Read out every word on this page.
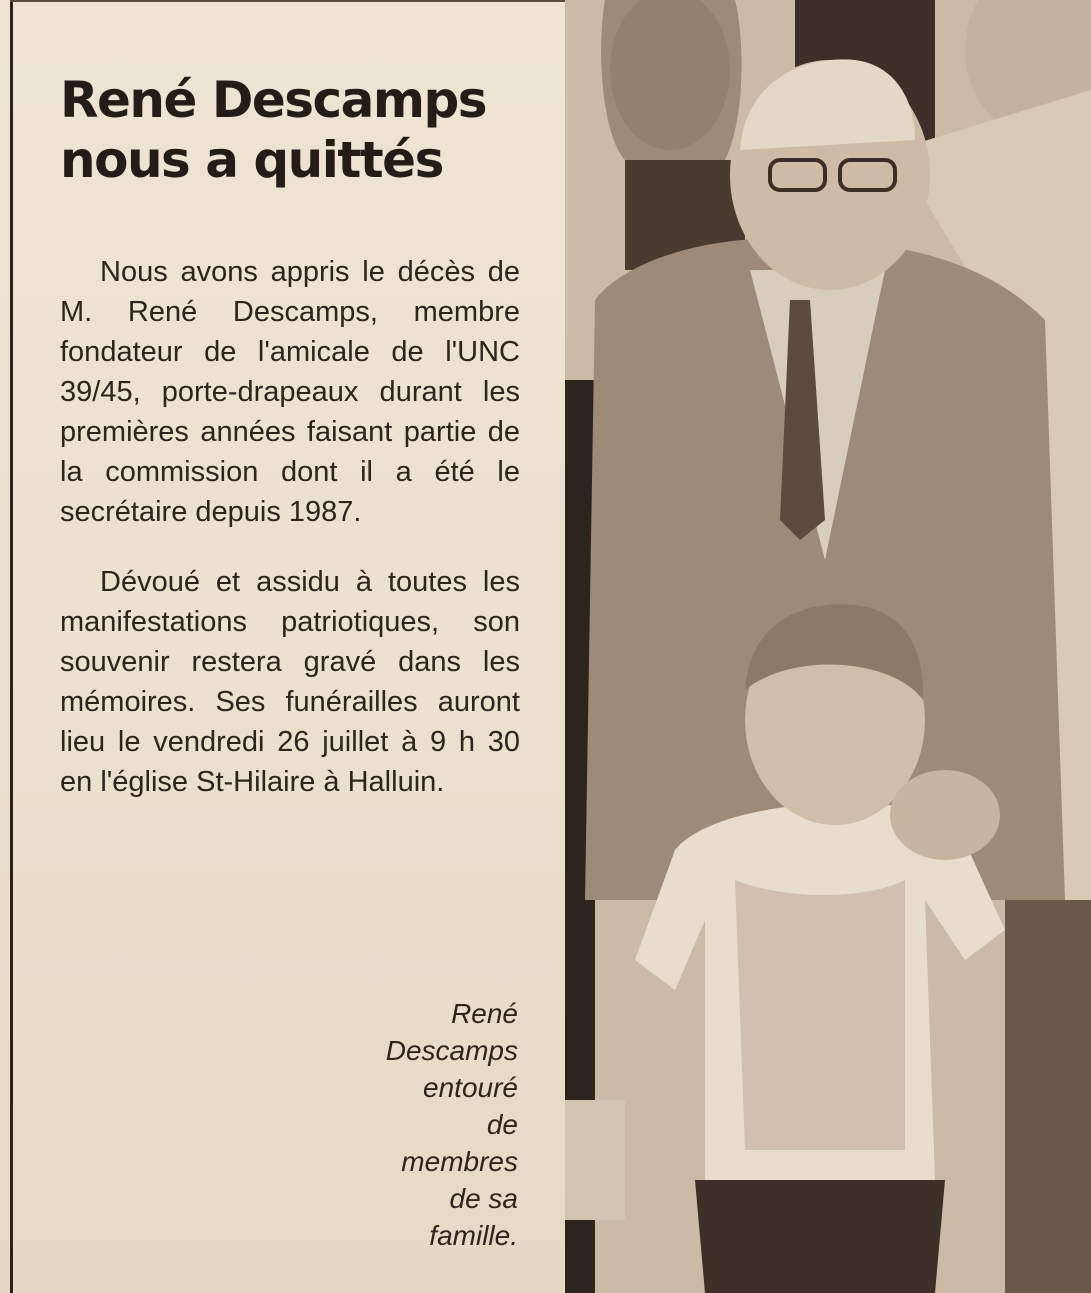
René Descamps
nous a quittés

Nous avons appris le décès de M. René Descamps, membre fondateur de l'amicale de l'UNC 39/45, porte-drapeaux durant les premières années faisant partie de la commission dont il a été le secrétaire depuis 1987.

Dévoué et assidu à toutes les manifestations patriotiques, son souvenir restera gravé dans les mémoires. Ses funérailles auront lieu le vendredi 26 juillet à 9 h 30 en l'église St-Hilaire à Halluin.

René
Descamps
entouré
de
membres
de sa
famille.
